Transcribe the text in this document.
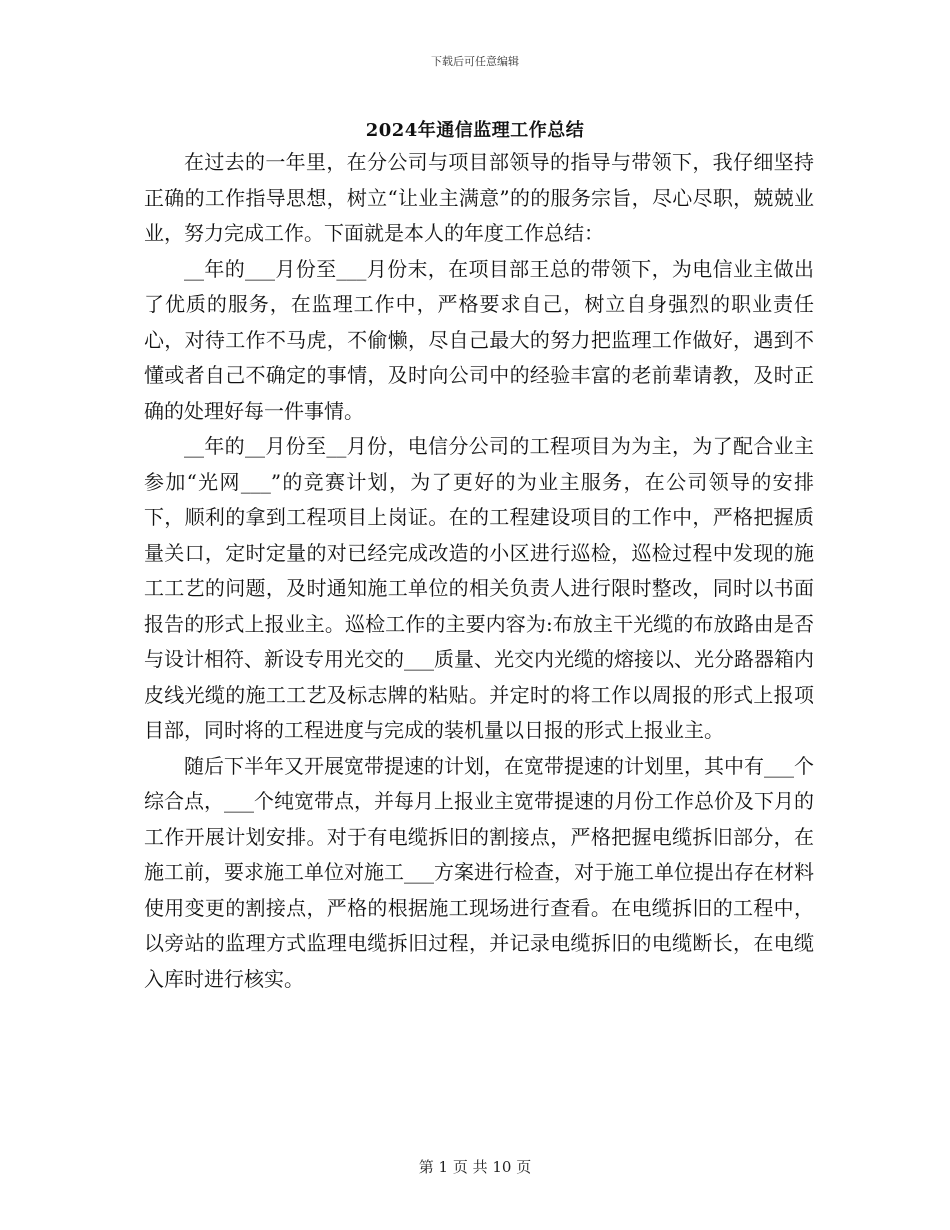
下载后可任意编辑
2024年通信监理工作总结

在过去的一年里，在分公司与项目部领导的指导与带领下，我仔细坚持正确的工作指导思想，树立“让业主满意”的的服务宗旨，尽心尽职，兢兢业业，努力完成工作。下面就是本人的年度工作总结：

__年的___月份至___月份末，在项目部王总的带领下，为电信业主做出了优质的服务，在监理工作中，严格要求自己，树立自身强烈的职业责任心，对待工作不马虎，不偷懒，尽自己最大的努力把监理工作做好，遇到不懂或者自己不确定的事情，及时向公司中的经验丰富的老前辈请教，及时正确的处理好每一件事情。

__年的__月份至__月份，电信分公司的工程项目为为主，为了配合业主参加“光网___”的竞赛计划，为了更好的为业主服务，在公司领导的安排下，顺利的拿到工程项目上岗证。在的工程建设项目的工作中，严格把握质量关口，定时定量的对已经完成改造的小区进行巡检，巡检过程中发现的施工工艺的问题，及时通知施工单位的相关负责人进行限时整改，同时以书面报告的形式上报业主。巡检工作的主要内容为:布放主干光缆的布放路由是否与设计相符、新设专用光交的___质量、光交内光缆的熔接以、光分路器箱内皮线光缆的施工工艺及标志牌的粘贴。并定时的将工作以周报的形式上报项目部，同时将的工程进度与完成的装机量以日报的形式上报业主。

随后下半年又开展宽带提速的计划，在宽带提速的计划里，其中有___个综合点，___个纯宽带点，并每月上报业主宽带提速的月份工作总价及下月的工作开展计划安排。对于有电缆拆旧的割接点，严格把握电缆拆旧部分，在施工前，要求施工单位对施工___方案进行检查，对于施工单位提出存在材料使用变更的割接点，严格的根据施工现场进行查看。在电缆拆旧的工程中，以旁站的监理方式监理电缆拆旧过程，并记录电缆拆旧的电缆断长，在电缆入库时进行核实。

第 1 页 共 10 页
